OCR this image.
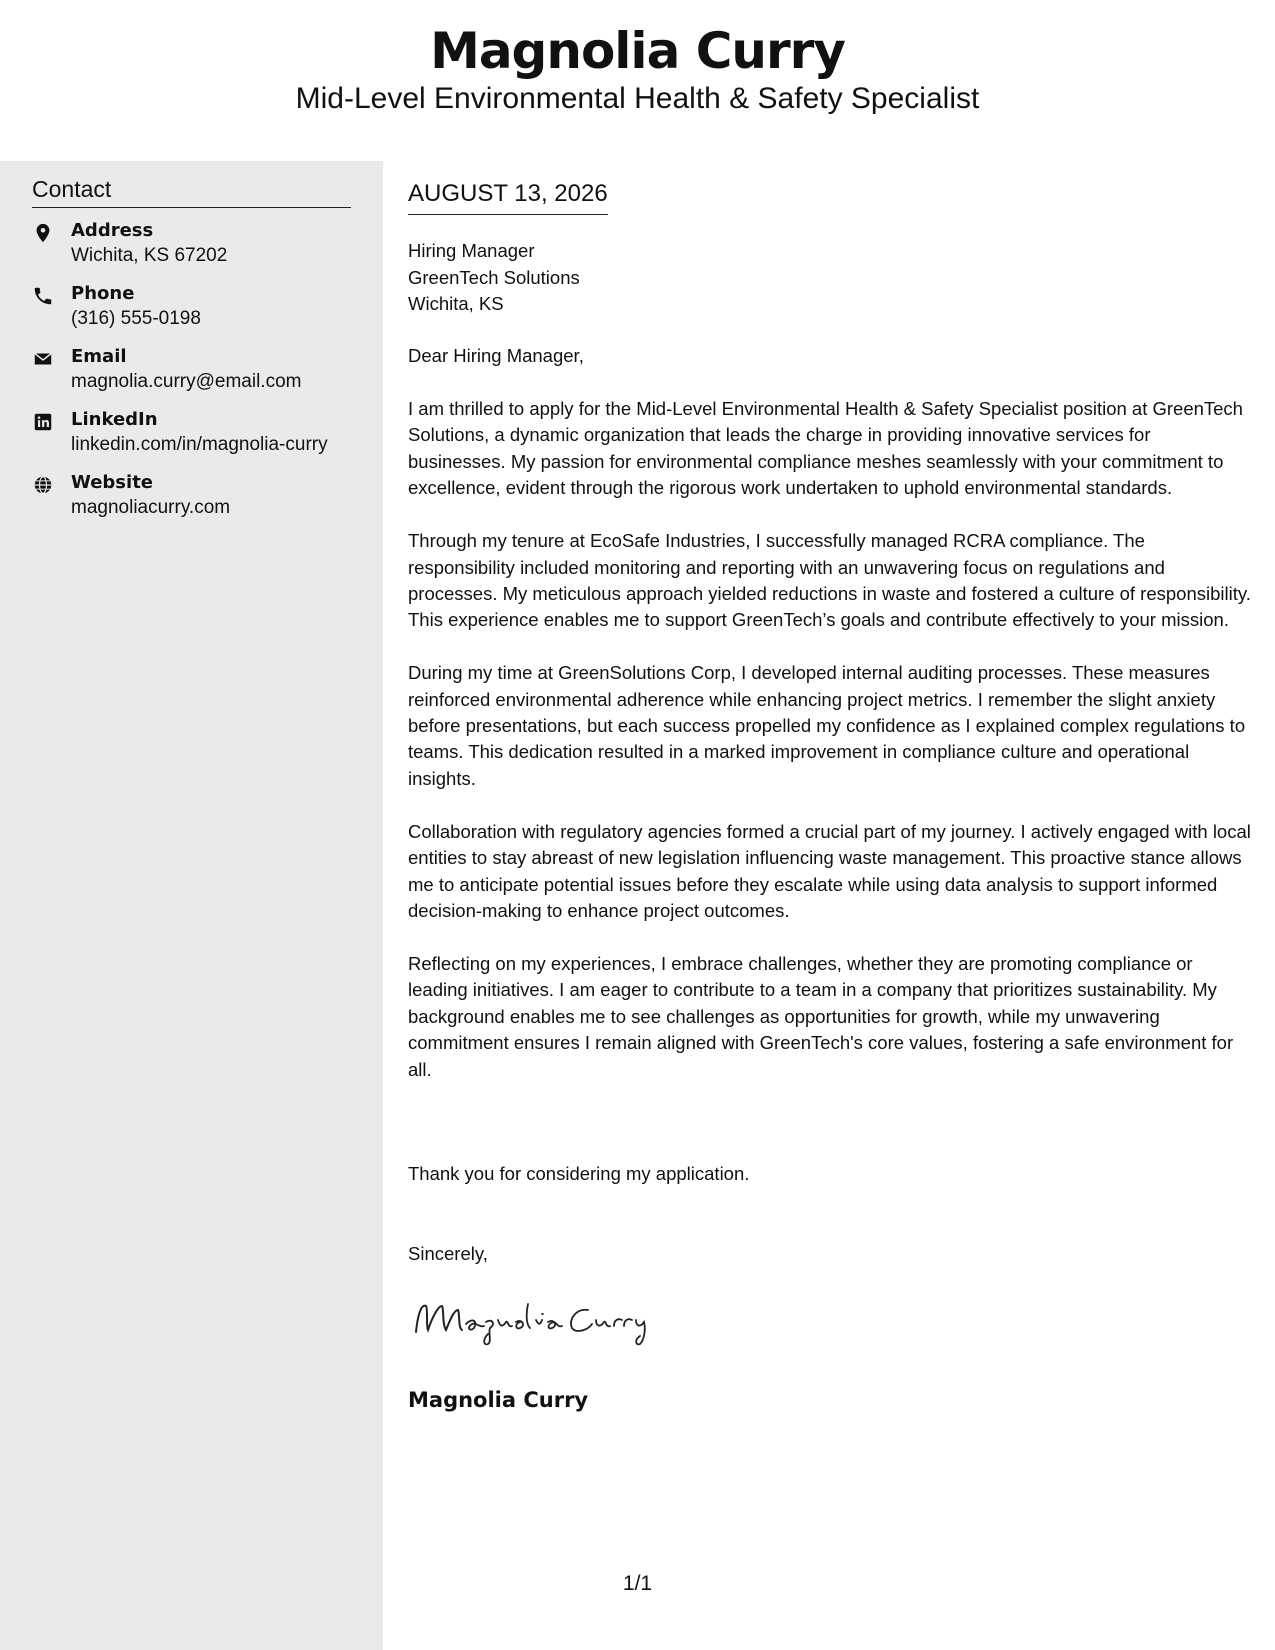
Magnolia Curry
Mid-Level Environmental Health & Safety Specialist
Contact
Address
Wichita, KS 67202
Phone
(316) 555-0198
Email
magnolia.curry@email.com
LinkedIn
linkedin.com/in/magnolia-curry
Website
magnoliacurry.com
AUGUST 13, 2026
Hiring Manager
GreenTech Solutions
Wichita, KS
Dear Hiring Manager,

I am thrilled to apply for the Mid-Level Environmental Health & Safety Specialist position at GreenTech Solutions, a dynamic organization that leads the charge in providing innovative services for businesses. My passion for environmental compliance meshes seamlessly with your commitment to excellence, evident through the rigorous work undertaken to uphold environmental standards.

Through my tenure at EcoSafe Industries, I successfully managed RCRA compliance. The responsibility included monitoring and reporting with an unwavering focus on regulations and processes. My meticulous approach yielded reductions in waste and fostered a culture of responsibility. This experience enables me to support GreenTech’s goals and contribute effectively to your mission.

During my time at GreenSolutions Corp, I developed internal auditing processes. These measures reinforced environmental adherence while enhancing project metrics. I remember the slight anxiety before presentations, but each success propelled my confidence as I explained complex regulations to teams. This dedication resulted in a marked improvement in compliance culture and operational insights.

Collaboration with regulatory agencies formed a crucial part of my journey. I actively engaged with local entities to stay abreast of new legislation influencing waste management. This proactive stance allows me to anticipate potential issues before they escalate while using data analysis to support informed decision-making to enhance project outcomes.

Reflecting on my experiences, I embrace challenges, whether they are promoting compliance or leading initiatives. I am eager to contribute to a team in a company that prioritizes sustainability. My background enables me to see challenges as opportunities for growth, while my unwavering commitment ensures I remain aligned with GreenTech's core values, fostering a safe environment for all.

Thank you for considering my application.
Sincerely,
Magnolia Curry
1/1
